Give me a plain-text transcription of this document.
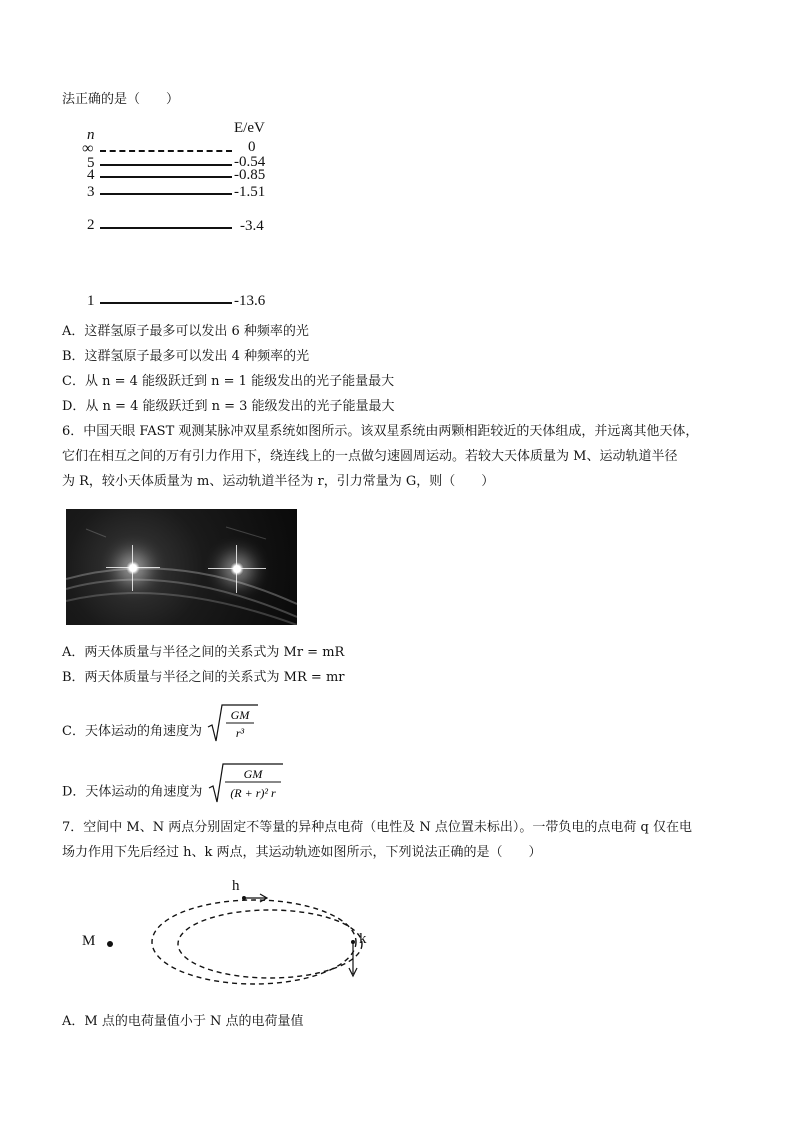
法正确的是（　　）
n	E/eV
∞	0
5	-0.54
4	-0.85
3	-1.51
2	-3.4
1	-13.6
A．这群氢原子最多可以发出 6 种频率的光
B．这群氢原子最多可以发出 4 种频率的光
C．从 n = 4 能级跃迁到 n = 1 能级发出的光子能量最大
D．从 n = 4 能级跃迁到 n = 3 能级发出的光子能量最大
6．中国天眼 FAST 观测某脉冲双星系统如图所示。该双星系统由两颗相距较近的天体组成，并远离其他天体，
它们在相互之间的万有引力作用下，绕连线上的一点做匀速圆周运动。若较大天体质量为 M、运动轨道半径
为 R，较小天体质量为 m、运动轨道半径为 r，引力常量为 G，则（　　）
A．两天体质量与半径之间的关系式为 Mr = mR
B．两天体质量与半径之间的关系式为 MR = mr
C．天体运动的角速度为
GM
r³
D．天体运动的角速度为
GM
(R + r)² r
7．空间中 M、N 两点分别固定不等量的异种点电荷（电性及 N 点位置未标出）。一带负电的点电荷 q 仅在电
场力作用下先后经过 h、k 两点，其运动轨迹如图所示，下列说法正确的是（　　）
h
k
M
A．M 点的电荷量值小于 N 点的电荷量值
